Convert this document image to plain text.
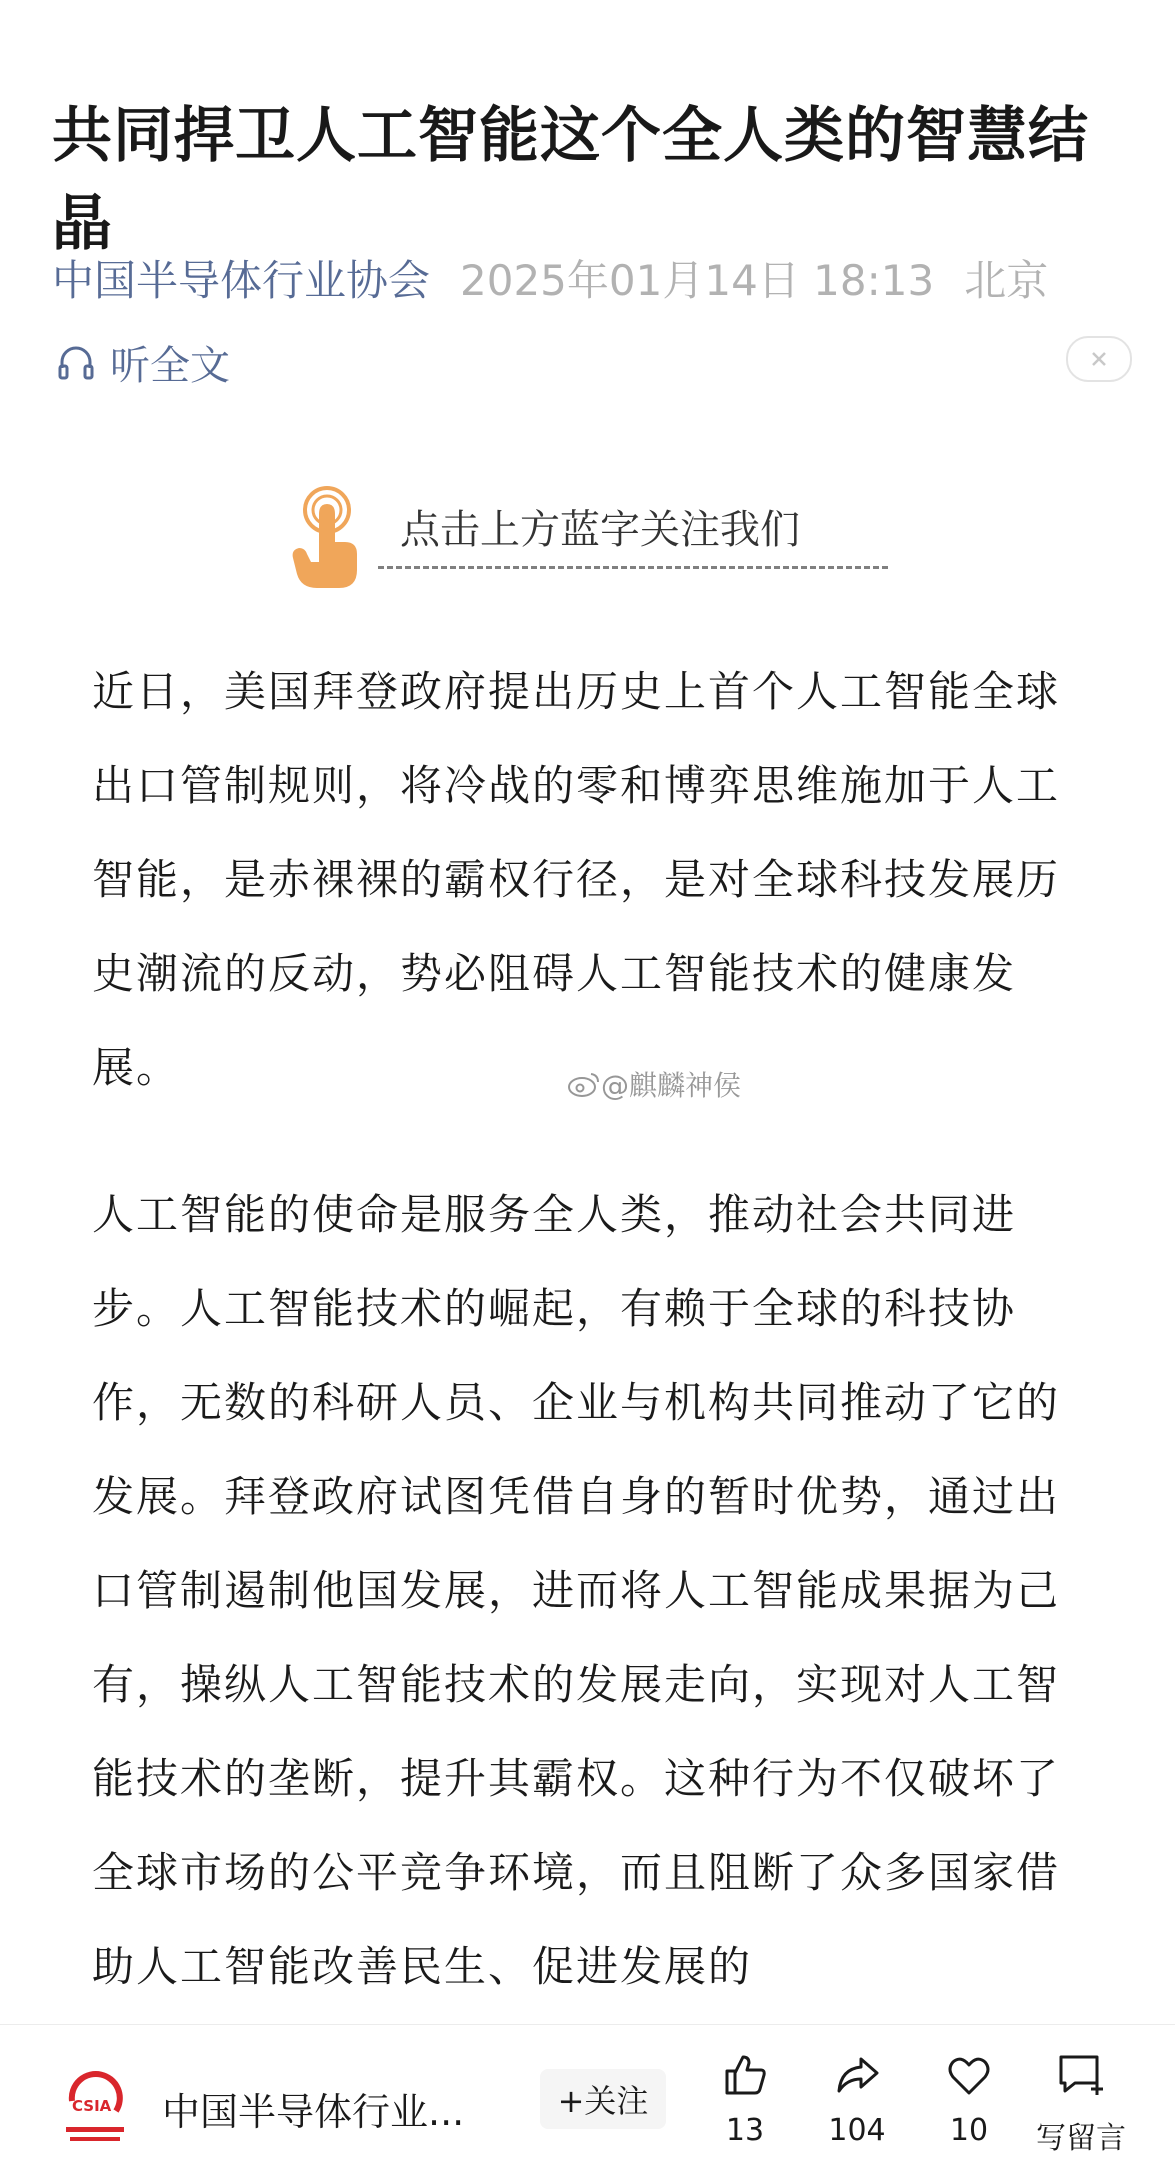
共同捍卫人工智能这个全人类的智慧结晶
中国半导体行业协会 2025年01月14日 18:13 北京
听全文
点击上方蓝字关注我们

近日，美国拜登政府提出历史上首个人工智能全球出口管制规则，将冷战的零和博弈思维施加于人工智能，是赤裸裸的霸权行径，是对全球科技发展历史潮流的反动，势必阻碍人工智能技术的健康发展。	@麒麟神侯

人工智能的使命是服务全人类，推动社会共同进步。人工智能技术的崛起，有赖于全球的科技协作，无数的科研人员、企业与机构共同推动了它的发展。拜登政府试图凭借自身的暂时优势，通过出口管制遏制他国发展，进而将人工智能成果据为己有，操纵人工智能技术的发展走向，实现对人工智能技术的垄断，提升其霸权。这种行为不仅破坏了全球市场的公平竞争环境，而且阻断了众多国家借助人工智能改善民生、促进发展的

CSIA 中国半导体行业...	+关注
13 104 10 写留言
